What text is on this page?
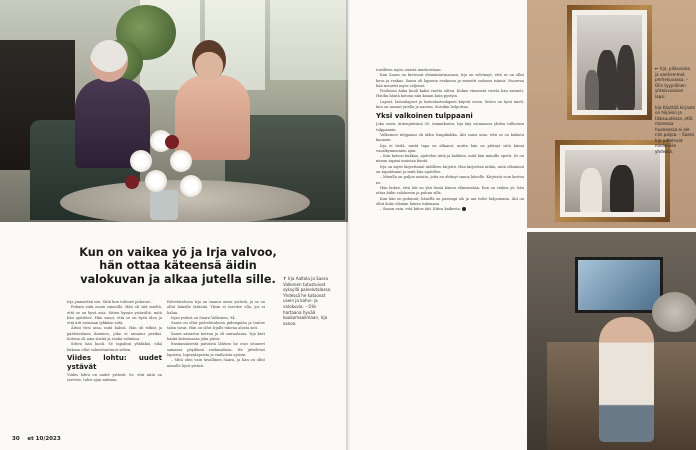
Kun on vaikea yö ja Irja valvoo, hän ottaa käteensä äidin valokuvan ja alkaa jutella sille.

Irja ymmärtää sen. Siitä kun tohtorit puhuvat...

Puhuin siitä ensin vaimolle. Hän oli sitä mieltä, että se on hyvä asia. Sitten kysyin ystävältä, mitä hän ajattelee. Hän sanoi, että se on hyvä idea ja että äiti varmaan tykkäisi siitä.

Äitini tiesi aina, mitä halusi. Hän oli sitkeä ja päättäväinen ihminen, joka ei antanut periksi. Kotona oli aina siistiä ja ruoka valmiina.

Sitten hän kuoli. Se tapahtui yhtäkkiä, eikä kukaan ollut valmistautunut siihen.

Viides lohtu: uudet ystävät

Viides lohtu on uudet ystävät. Se, että niitä on tarvitse, tulee ajan mittaan.

Palvelutalossa Irja on saanut uusia ystäviä, ja se on ollut hänelle tärkeää. Yksin ei tarvitse olla, jos ei halua.

Irjan ystävä on Saara Valkonen, 94.

Saara on ollut palvelutalossa pidempään ja tuntee talon tavat. Hän on ollut Irjalle tukena alusta asti.

Saara sairastui kerran ja oli sairaalassa. Irja kävi häntä katsomassa joka päivä.

Ensimmäisestä päivästä lähtien he ovat istuneet samassa pöydässä ruokasalissa. He juttelevat lapsista, lapsenlapsista ja vanhoista ajoista.

– Mitä olen vain tavallinen Saara, ja hän on ollut minulle hyvä ystävä.

↑ Irja Aaltola ja Saara Valkonen tutustuivat syksyllä palvelutalossa. Yhdessä he katsovat usein ja kahvi- ja valokuvia. – Olin hartaana hyvää kaukomaailmaan, Irja sanoo.
30 et 10/2023

toisilleen myös omista murheistaan.

Kun Saara on kertonut elämäntarinaansa, Irja on selvinnyt, että se on ollut kova ja raskas. Saara oli lapsena evakossa ja menetti sodassa isänsä. Nuorena hän menetti myös veljensä.

Puolisoni Aaku kuoli kaksi vuotta sitten. Kolme viimeistä vuotta hän sairasti. Hoidin häntä kotona niin kauan kuin pystyin.

Lapset, lastenlapset ja lastenlastenlapset käyvät usein. Sitten on hyvä mieli, kun on saanut jutella ja nauraa. Surukin helpottaa.

Yksi valkoinen tulppaani

Joka vuosi, äitienpäivänä 30. tammikuuta, Irja käy ostamassa yhden valkoisen tulppaanin.

Valkoinen tulppaani oli äidin lempikukka. Äiti sanoi aina, että se on kukista kaunein.

Irja ei tiedä, mistä tapa on alkanut, mutta hän on pitänyt siitä kiinni vuosikymmenien ajan.

– Kun katson kukkaa, ajattelen äitiä ja kaikkea, mitä hän minulle opetti. Se on minun tapani muistaa häntä.

Irja on myös kirjoittanut äidilleen kirjeitä. Hän kirjoittaa niihin, mitä elämässä on tapahtunut ja mitä hän ajattelee.

– Minulla on paljon asioita, joita en ehtinyt sanoa hänelle. Kirjeissä voin kertoa ne.

Hän kokee, että äiti on yhä läsnä hänen elämässään. Kun on vaikea yö, hän ottaa äidin valokuvan ja puhuu sille.

Kun hän on puhunut, hänellä on parempi olo ja uni tulee helpommin. Äiti on ollut koko elämän hänen tukenaan.

– Sanon vain, että kiitos äiti. Kiitos kaikesta.

← Irja, pikkusisko ja vanhemmat perhekuvassa. – Olin tyypillinen yhteisvuosien lapsi.

Irja Käyttää kirjasto on hiljaisin ja tilaisuudessa, että monessa huoneessa ei ole niin paljoa. – Saara Irja juttelevat mielellään yhdessä.
